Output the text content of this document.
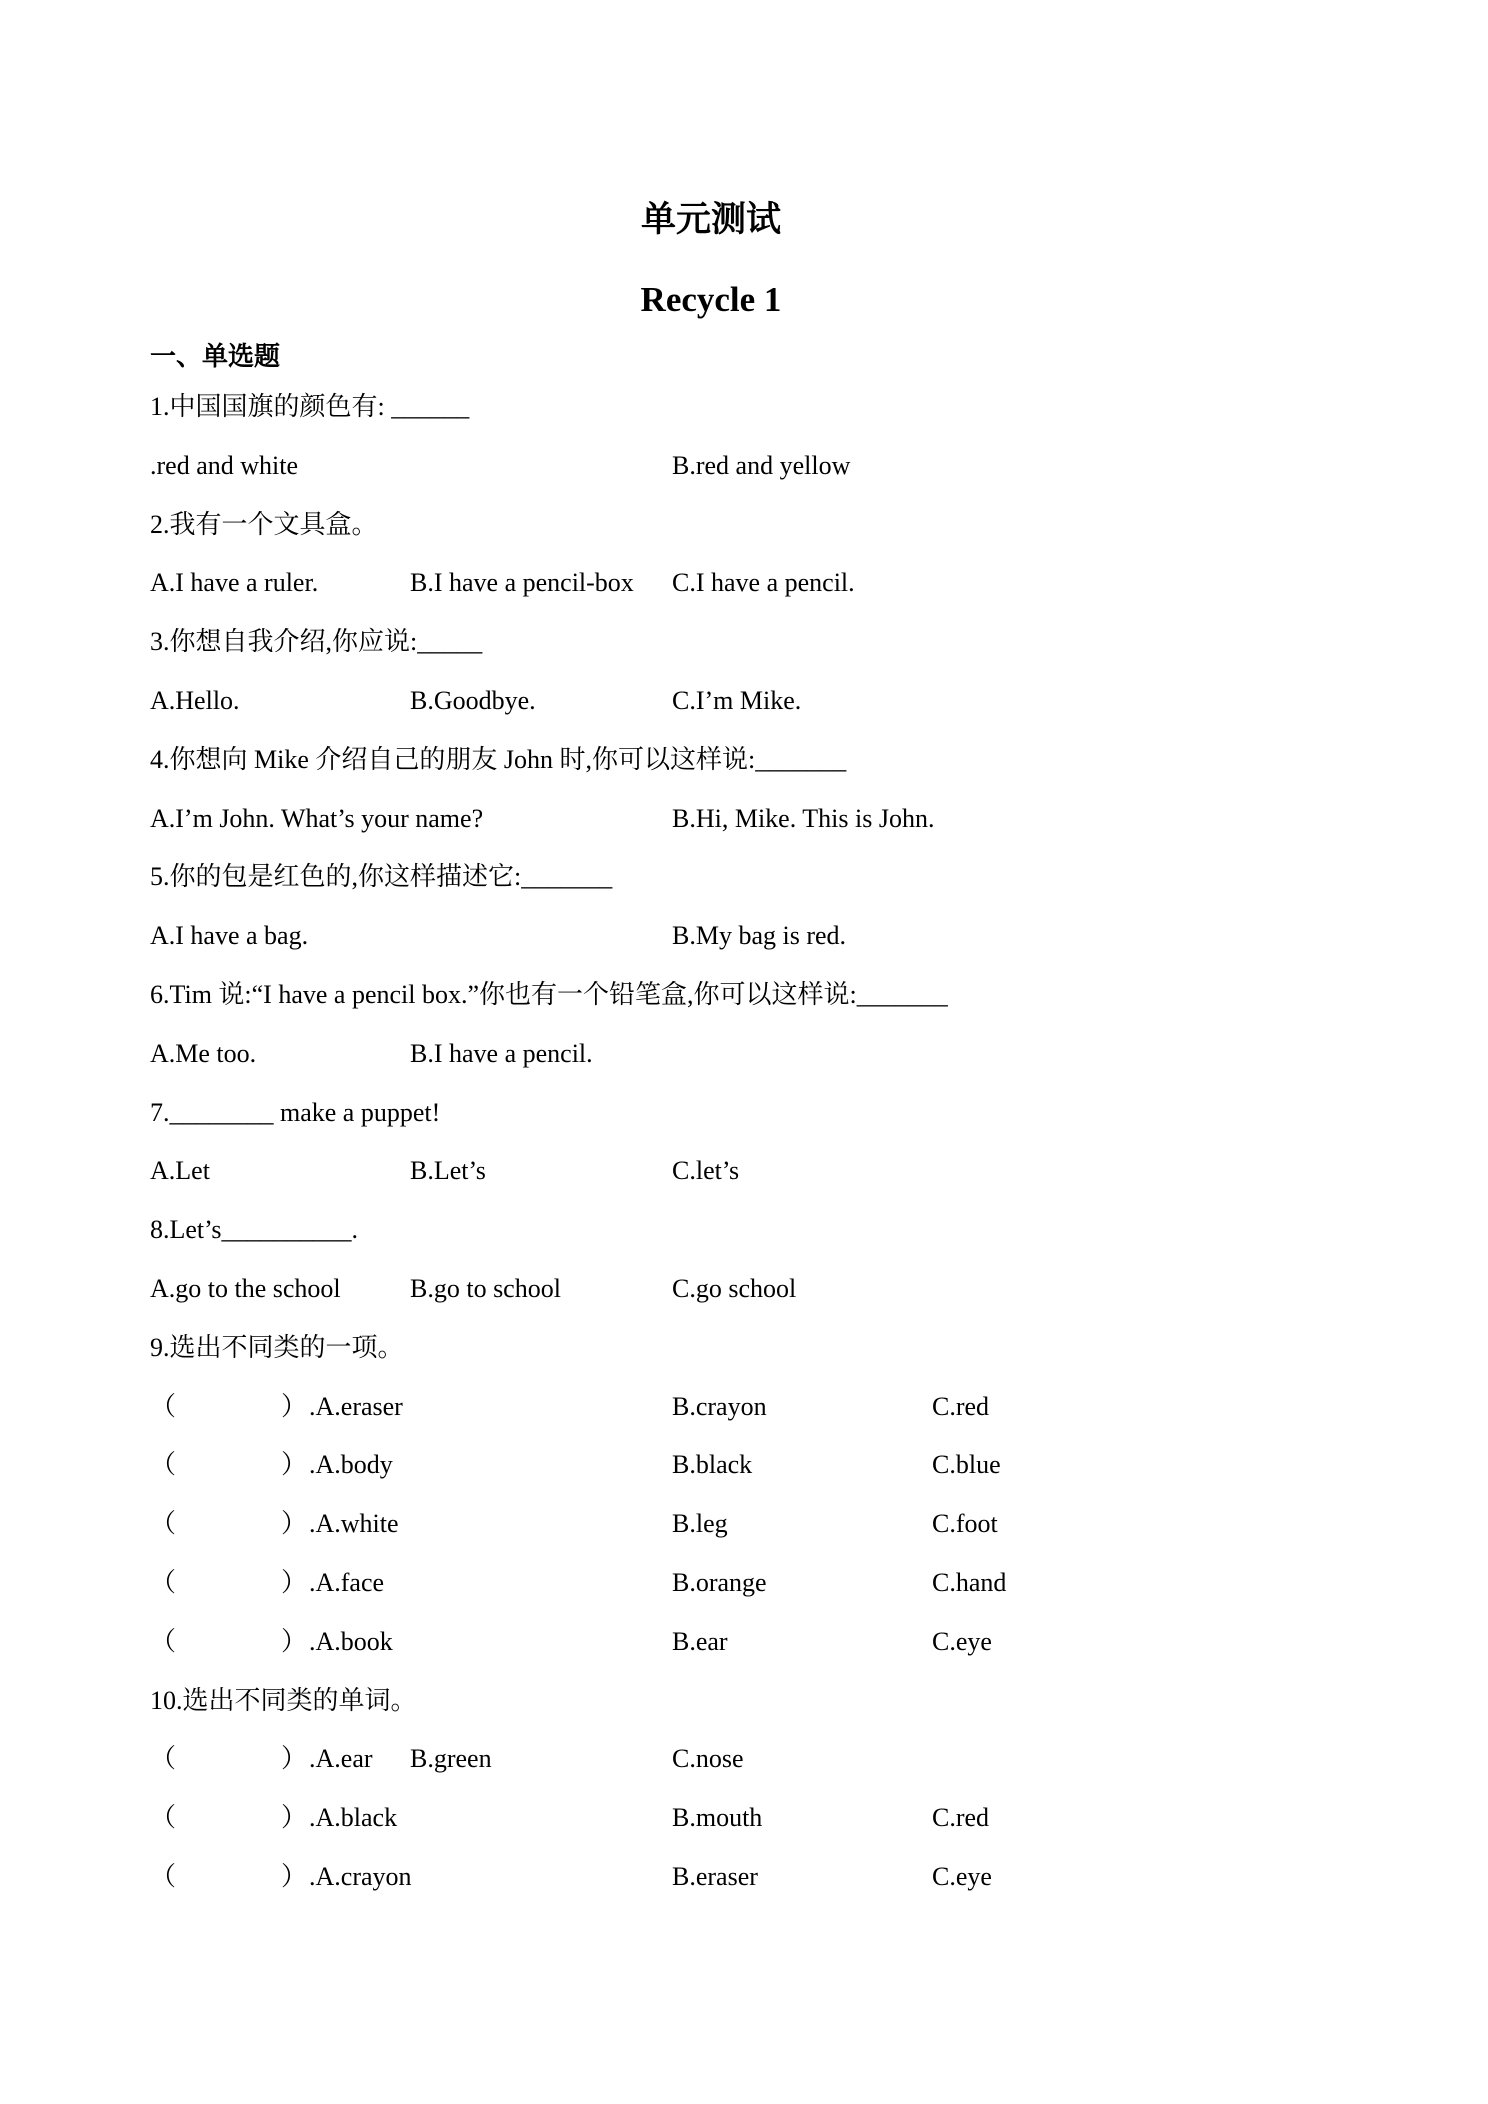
单元测试
Recycle 1
一、单选题
1.中国国旗的颜色有: ______
.red and white	B.red and yellow
2.我有一个文具盒。
A.I have a ruler.	B.I have a pencil-box C.I have a pencil.
3.你想自我介绍,你应说:_____
A.Hello.	B.Goodbye.	C.I’m Mike.
4.你想向 Mike 介绍自己的朋友 John 时,你可以这样说:_______
A.I’m John. What’s your name?	B.Hi, Mike. This is John.
5.你的包是红色的,你这样描述它:_______
A.I have a bag.	B.My bag is red.
6.Tim 说:“I have a pencil box.”你也有一个铅笔盒,你可以这样说:_______
A.Me too.	B.I have a pencil.
7.________ make a puppet!
A.Let	B.Let’s	C.let’s
8.Let’s__________.
A.go to the school	B.go to school	C.go school
9.选出不同类的一项。
（	） .A.eraser	B.crayon	C.red
（	） .A.body	B.black	C.blue
（	） .A.white	B.leg	C.foot
（	） .A.face	B.orange	C.hand
（	） .A.book	B.ear	C.eye
10.选出不同类的单词。
（	） .A.ear B.green	C.nose
（	） .A.black	B.mouth	C.red
（	） .A.crayon	B.eraser	C.eye
